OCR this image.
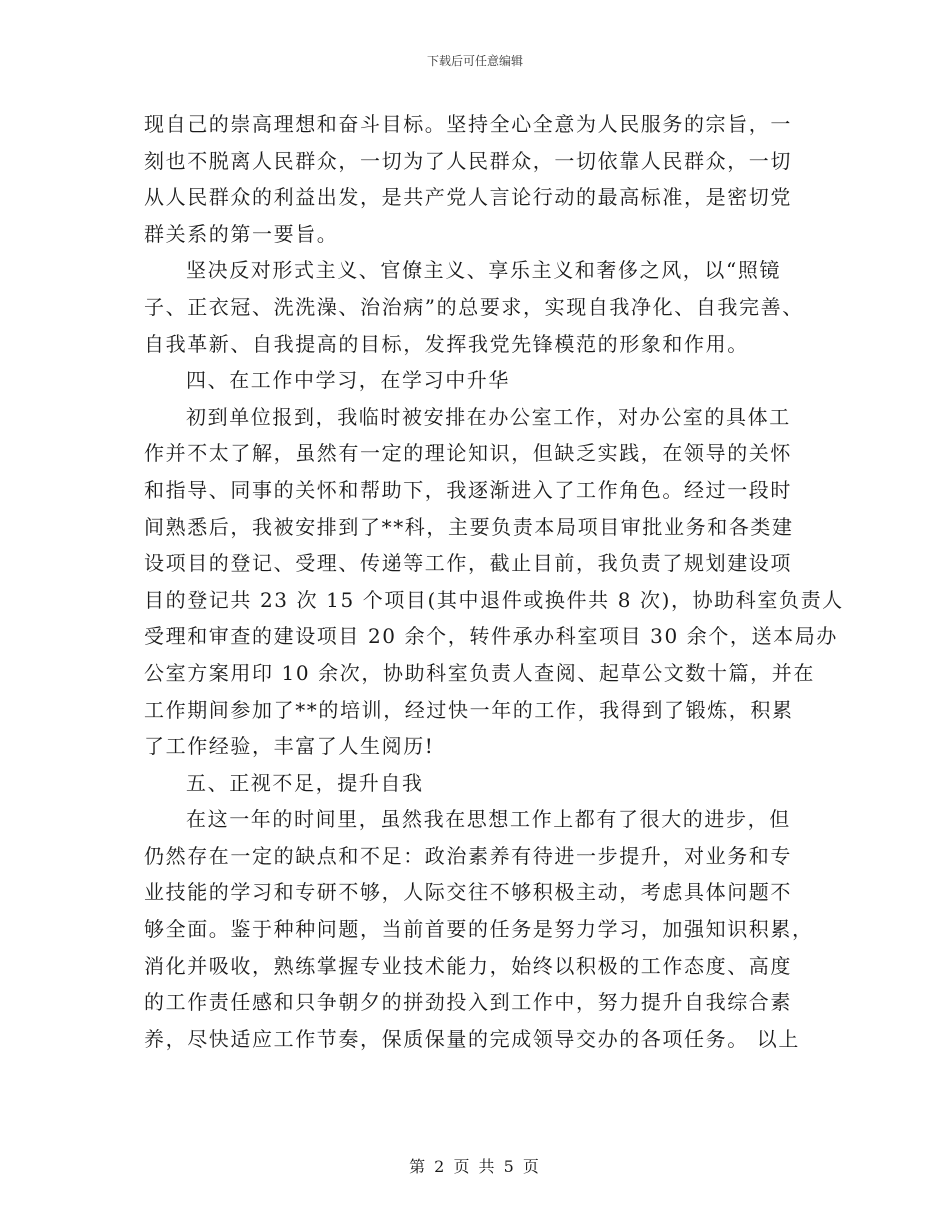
下载后可任意编辑
现自己的崇高理想和奋斗目标。坚持全心全意为人民服务的宗旨，一
刻也不脱离人民群众，一切为了人民群众，一切依靠人民群众，一切
从人民群众的利益出发，是共产党人言论行动的最高标准，是密切党
群关系的第一要旨。
坚决反对形式主义、官僚主义、享乐主义和奢侈之风，以“照镜
子、正衣冠、洗洗澡、治治病”的总要求，实现自我净化、自我完善、
自我革新、自我提高的目标，发挥我党先锋模范的形象和作用。
四、在工作中学习，在学习中升华
初到单位报到，我临时被安排在办公室工作，对办公室的具体工
作并不太了解，虽然有一定的理论知识，但缺乏实践，在领导的关怀
和指导、同事的关怀和帮助下，我逐渐进入了工作角色。经过一段时
间熟悉后，我被安排到了**科，主要负责本局项目审批业务和各类建
设项目的登记、受理、传递等工作，截止目前，我负责了规划建设项
目的登记共 23 次 15 个项目(其中退件或换件共 8 次)，协助科室负责人
受理和审查的建设项目 20 余个，转件承办科室项目 30 余个，送本局办
公室方案用印 10 余次，协助科室负责人查阅、起草公文数十篇，并在
工作期间参加了**的培训，经过快一年的工作，我得到了锻炼，积累
了工作经验，丰富了人生阅历!
五、正视不足，提升自我
在这一年的时间里，虽然我在思想工作上都有了很大的进步，但
仍然存在一定的缺点和不足：政治素养有待进一步提升，对业务和专
业技能的学习和专研不够，人际交往不够积极主动，考虑具体问题不
够全面。鉴于种种问题，当前首要的任务是努力学习，加强知识积累，
消化并吸收，熟练掌握专业技术能力，始终以积极的工作态度、高度
的工作责任感和只争朝夕的拼劲投入到工作中，努力提升自我综合素
养，尽快适应工作节奏，保质保量的完成领导交办的各项任务。 以上
第 2 页 共 5 页
